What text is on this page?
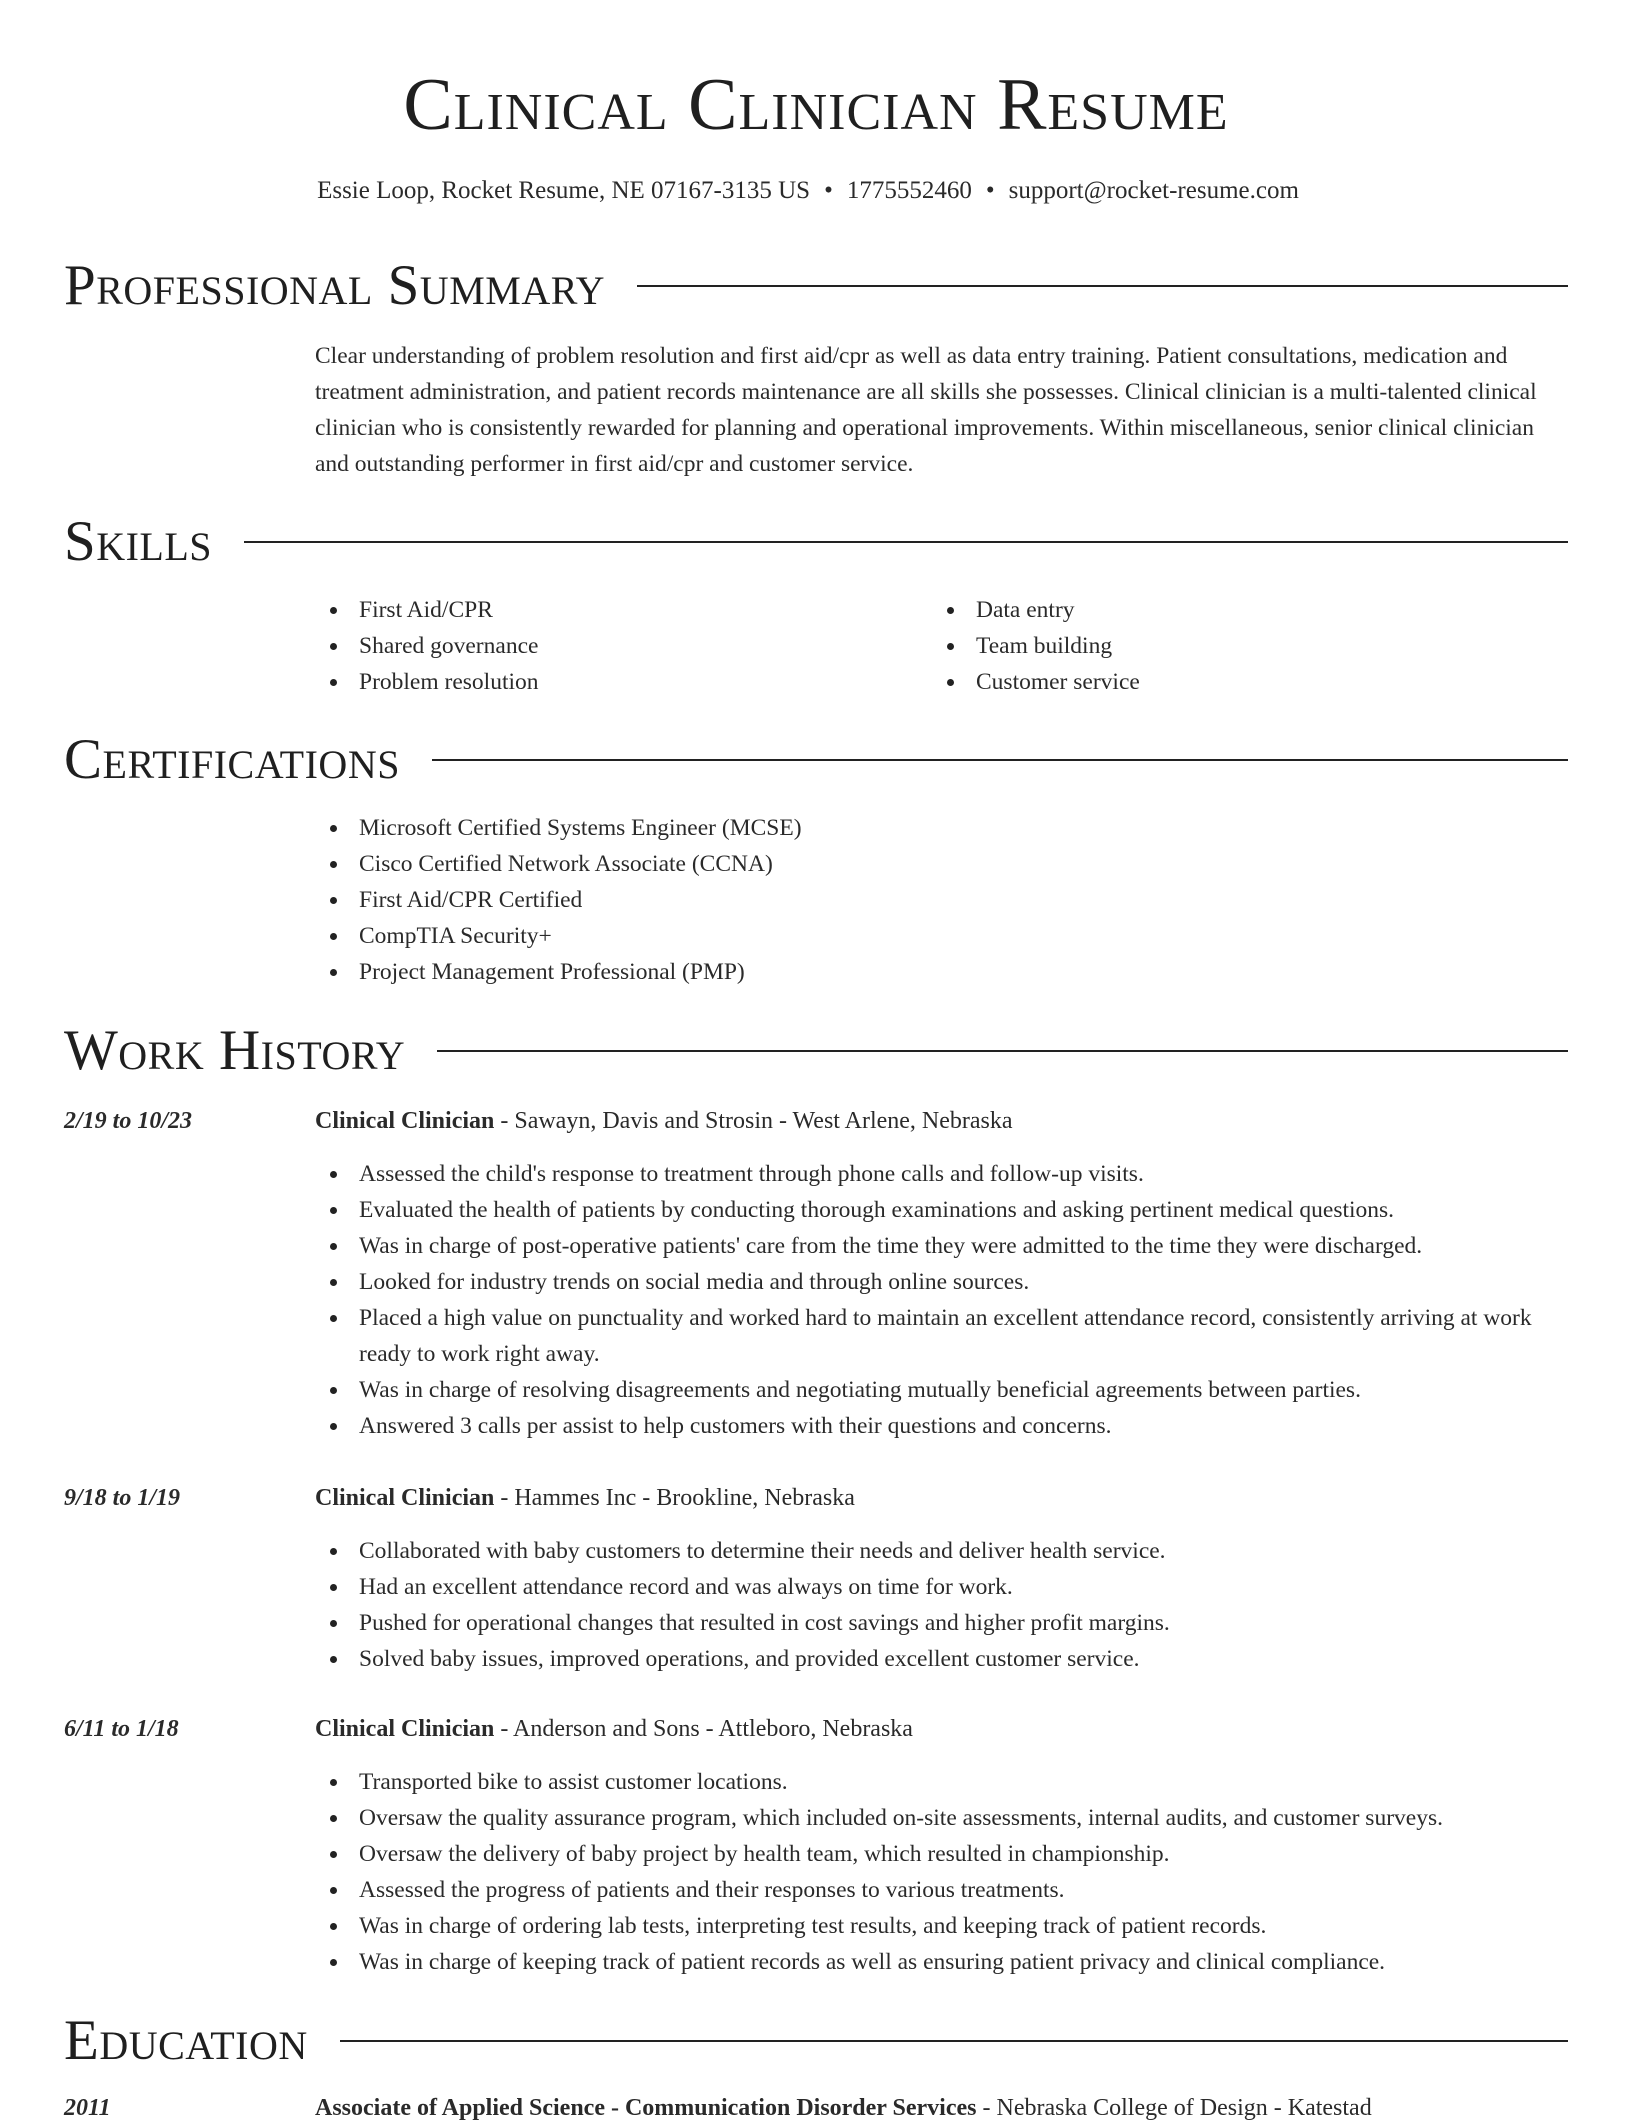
Clinical Clinician Resume
Essie Loop, Rocket Resume, NE 07167-3135 US • 1775552460 • support@rocket-resume.com
Professional Summary

Clear understanding of problem resolution and first aid/cpr as well as data entry training. Patient consultations, medication and treatment administration, and patient records maintenance are all skills she possesses. Clinical clinician is a multi-talented clinical clinician who is consistently rewarded for planning and operational improvements. Within miscellaneous, senior clinical clinician and outstanding performer in first aid/cpr and customer service.

Skills
First Aid/CPR
Shared governance
Problem resolution
Data entry
Team building
Customer service
Certifications
Microsoft Certified Systems Engineer (MCSE)
Cisco Certified Network Associate (CCNA)
First Aid/CPR Certified
CompTIA Security+
Project Management Professional (PMP)
Work History
2/19 to 10/23	Clinical Clinician - Sawayn, Davis and Strosin - West Arlene, Nebraska
Assessed the child's response to treatment through phone calls and follow-up visits.
Evaluated the health of patients by conducting thorough examinations and asking pertinent medical questions.
Was in charge of post-operative patients' care from the time they were admitted to the time they were discharged.
Looked for industry trends on social media and through online sources.
Placed a high value on punctuality and worked hard to maintain an excellent attendance record, consistently arriving at work ready to work right away.
Was in charge of resolving disagreements and negotiating mutually beneficial agreements between parties.
Answered 3 calls per assist to help customers with their questions and concerns.
9/18 to 1/19	Clinical Clinician - Hammes Inc - Brookline, Nebraska
Collaborated with baby customers to determine their needs and deliver health service.
Had an excellent attendance record and was always on time for work.
Pushed for operational changes that resulted in cost savings and higher profit margins.
Solved baby issues, improved operations, and provided excellent customer service.
6/11 to 1/18	Clinical Clinician - Anderson and Sons - Attleboro, Nebraska
Transported bike to assist customer locations.
Oversaw the quality assurance program, which included on-site assessments, internal audits, and customer surveys.
Oversaw the delivery of baby project by health team, which resulted in championship.
Assessed the progress of patients and their responses to various treatments.
Was in charge of ordering lab tests, interpreting test results, and keeping track of patient records.
Was in charge of keeping track of patient records as well as ensuring patient privacy and clinical compliance.
Education
2011	Associate of Applied Science - Communication Disorder Services - Nebraska College of Design - Katestad
